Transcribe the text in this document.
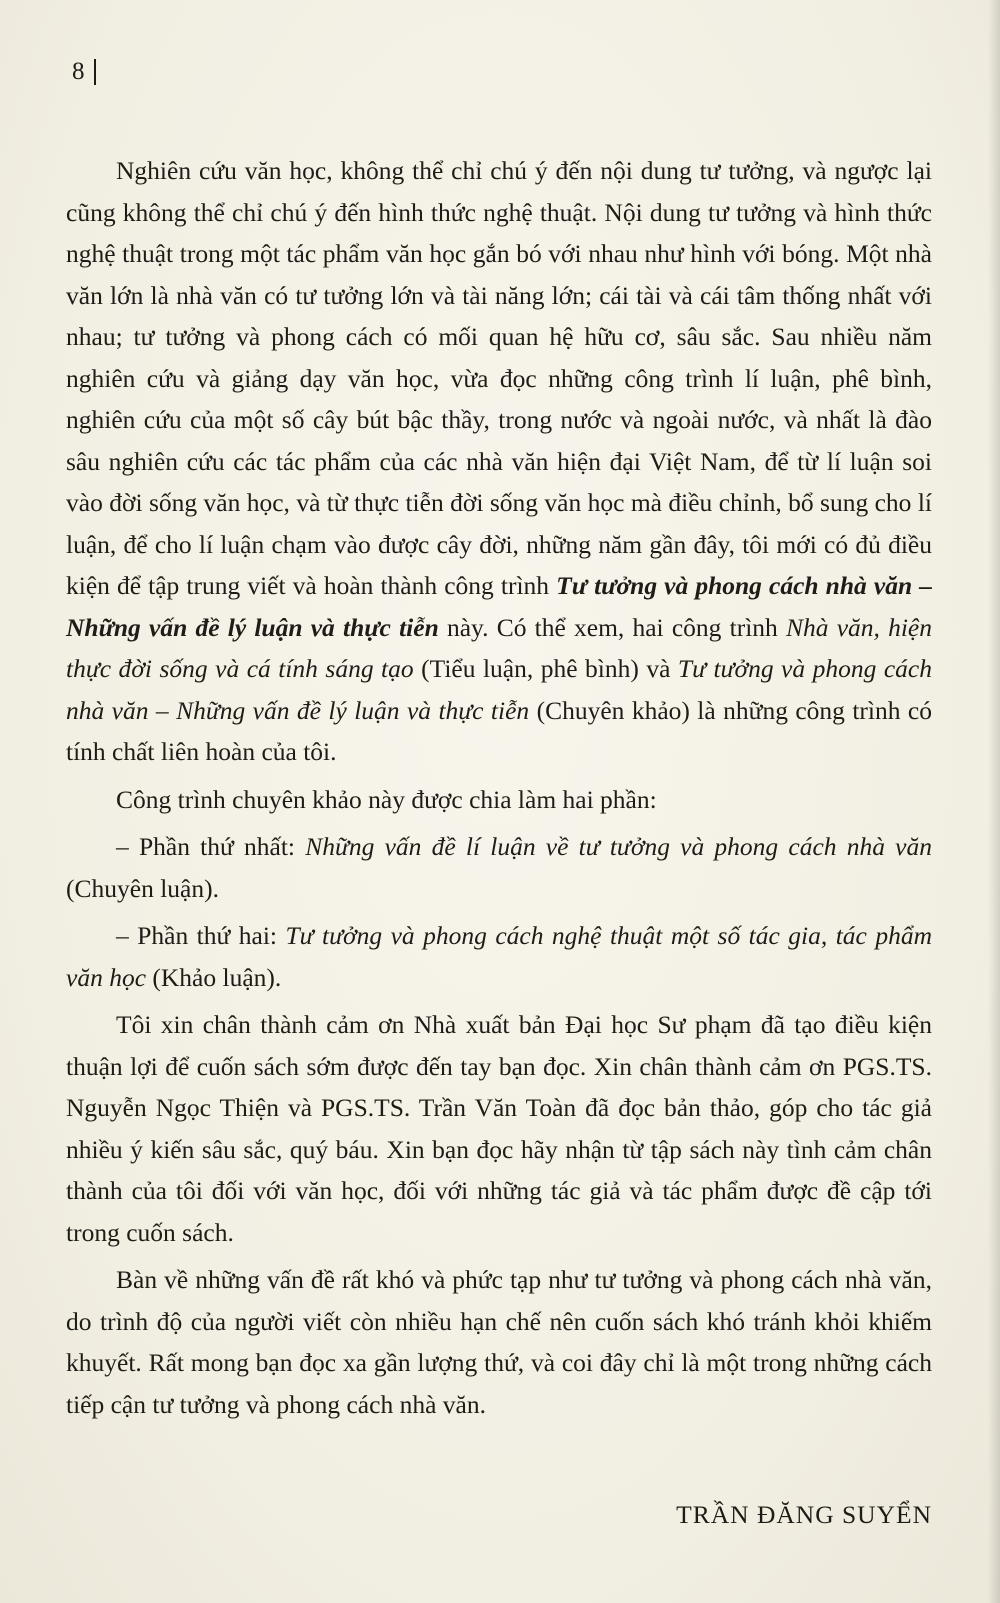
8

Nghiên cứu văn học, không thể chỉ chú ý đến nội dung tư tưởng, và ngược lại cũng không thể chỉ chú ý đến hình thức nghệ thuật. Nội dung tư tưởng và hình thức nghệ thuật trong một tác phẩm văn học gắn bó với nhau như hình với bóng. Một nhà văn lớn là nhà văn có tư tưởng lớn và tài năng lớn; cái tài và cái tâm thống nhất với nhau; tư tưởng và phong cách có mối quan hệ hữu cơ, sâu sắc. Sau nhiều năm nghiên cứu và giảng dạy văn học, vừa đọc những công trình lí luận, phê bình, nghiên cứu của một số cây bút bậc thầy, trong nước và ngoài nước, và nhất là đào sâu nghiên cứu các tác phẩm của các nhà văn hiện đại Việt Nam, để từ lí luận soi vào đời sống văn học, và từ thực tiễn đời sống văn học mà điều chỉnh, bổ sung cho lí luận, để cho lí luận chạm vào được cây đời, những năm gần đây, tôi mới có đủ điều kiện để tập trung viết và hoàn thành công trình Tư tưởng và phong cách nhà văn – Những vấn đề lý luận và thực tiễn này. Có thể xem, hai công trình Nhà văn, hiện thực đời sống và cá tính sáng tạo (Tiểu luận, phê bình) và Tư tưởng và phong cách nhà văn – Những vấn đề lý luận và thực tiễn (Chuyên khảo) là những công trình có tính chất liên hoàn của tôi.

Công trình chuyên khảo này được chia làm hai phần:

– Phần thứ nhất: Những vấn đề lí luận về tư tưởng và phong cách nhà văn (Chuyên luận).

– Phần thứ hai: Tư tưởng và phong cách nghệ thuật một số tác gia, tác phẩm văn học (Khảo luận).

Tôi xin chân thành cảm ơn Nhà xuất bản Đại học Sư phạm đã tạo điều kiện thuận lợi để cuốn sách sớm được đến tay bạn đọc. Xin chân thành cảm ơn PGS.TS. Nguyễn Ngọc Thiện và PGS.TS. Trần Văn Toàn đã đọc bản thảo, góp cho tác giả nhiều ý kiến sâu sắc, quý báu. Xin bạn đọc hãy nhận từ tập sách này tình cảm chân thành của tôi đối với văn học, đối với những tác giả và tác phẩm được đề cập tới trong cuốn sách.

Bàn về những vấn đề rất khó và phức tạp như tư tưởng và phong cách nhà văn, do trình độ của người viết còn nhiều hạn chế nên cuốn sách khó tránh khỏi khiếm khuyết. Rất mong bạn đọc xa gần lượng thứ, và coi đây chỉ là một trong những cách tiếp cận tư tưởng và phong cách nhà văn.

TRẦN ĐĂNG SUYỂN
